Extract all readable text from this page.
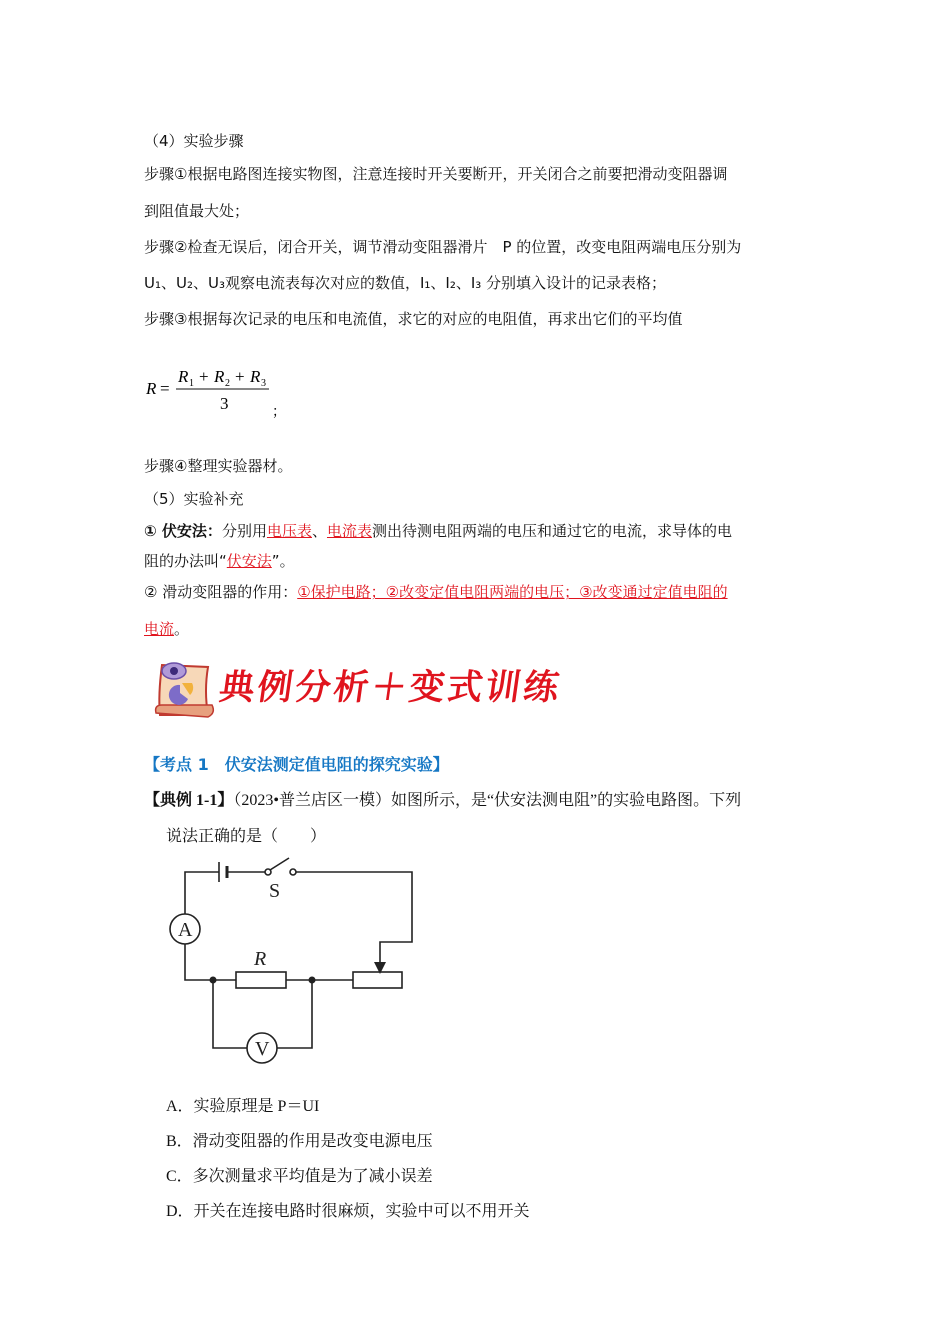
（4）实验步骤
步骤①根据电路图连接实物图，注意连接时开关要断开，开关闭合之前要把滑动变阻器调
到阻值最大处；
步骤②检查无误后，闭合开关，调节滑动变阻器滑片　P 的位置，改变电阻两端电压分别为
U₁、U₂、U₃观察电流表每次对应的数值，I₁、I₂、I₃ 分别填入设计的记录表格；
步骤③根据每次记录的电压和电流值，求它的对应的电阻值，再求出它们的平均值
R =
R 1 + R 2 + R 3
3	；
步骤④整理实验器材。
（5）实验补充
① 伏安法：分别用电压表、电流表测出待测电阻两端的电压和通过它的电流，求导体的电
阻的办法叫“伏安法”。
② 滑动变阻器的作用：①保护电路；②改变定值电阻两端的电压；③改变通过定值电阻的
电流。
典例分析＋变式训练
【考点 1　伏安法测定值电阻的探究实验】
【典例 1-1】（2023•普兰店区一模）如图所示，是“伏安法测电阻”的实验电路图。下列
说法正确的是（　　）
S
A
R
V
A．实验原理是 P＝UI
B．滑动变阻器的作用是改变电源电压
C．多次测量求平均值是为了减小误差
D．开关在连接电路时很麻烦，实验中可以不用开关
